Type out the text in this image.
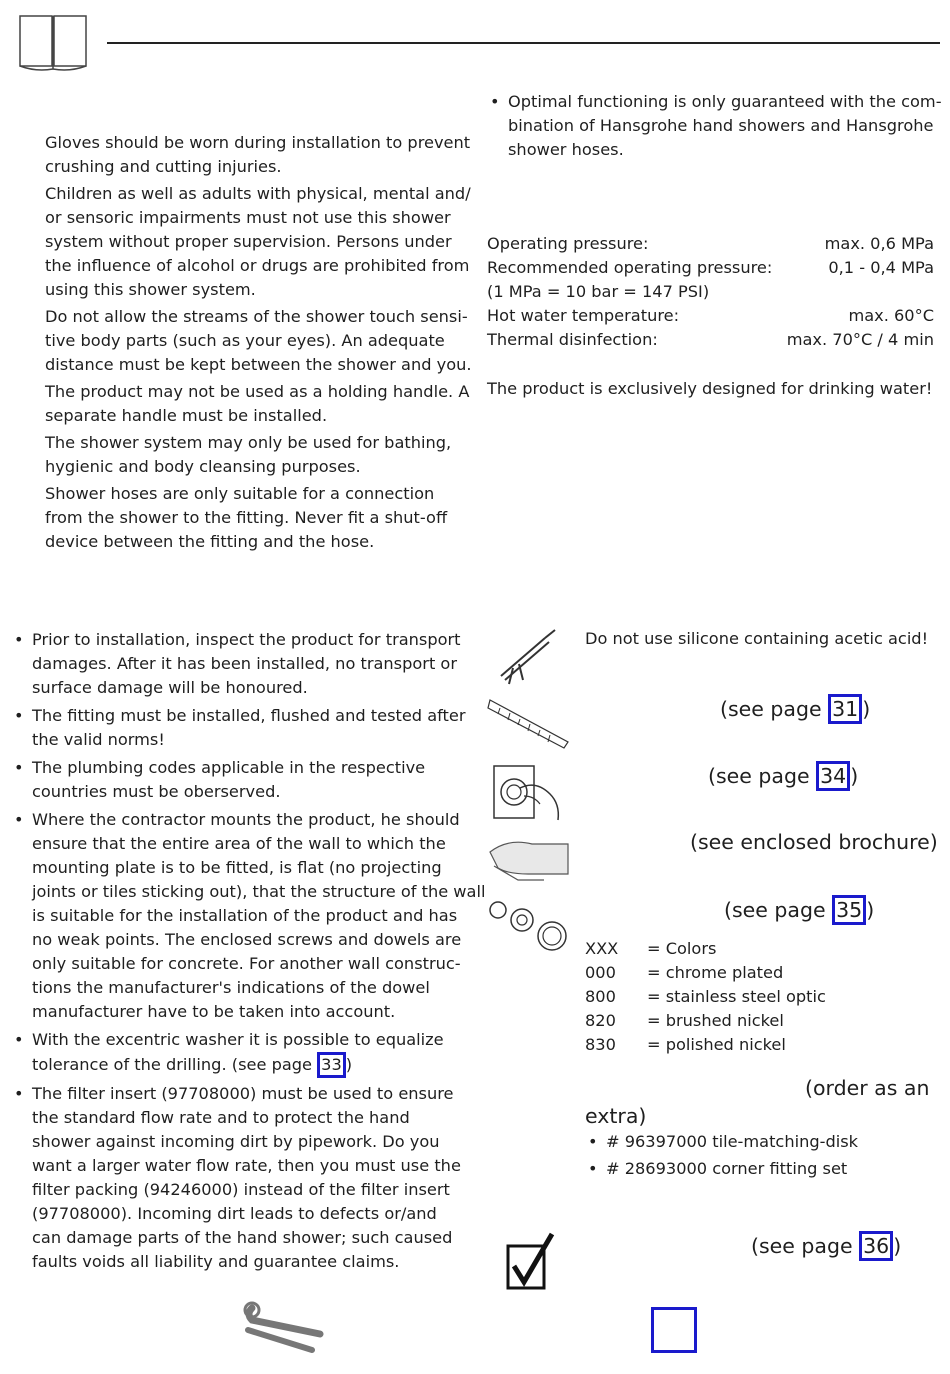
Gloves should be worn during installation to prevent
crushing and cutting injuries.
Children as well as adults with physical, mental and/
or sensoric impairments must not use this shower
system without proper supervision. Persons under
the influence of alcohol or drugs are prohibited from
using this shower system.
Do not allow the streams of the shower touch sensi-
tive body parts (such as your eyes). An adequate
distance must be kept between the shower and you.
The product may not be used as a holding handle. A
separate handle must be installed.
The shower system may only be used for bathing,
hygienic and body cleansing purposes.
Shower hoses are only suitable for a connection
from the shower to the fitting. Never fit a shut-off
device between the fitting and the hose.
• Optimal functioning is only guaranteed with the com-
bination of Hansgrohe hand showers and Hansgrohe
shower hoses.
Operating pressure:	max. 0,6 MPa
Recommended operating pressure:	0,1 - 0,4 MPa
(1 MPa = 10 bar = 147 PSI)
Hot water temperature:	max. 60°C
Thermal disinfection:	max. 70°C / 4 min
The product is exclusively designed for drinking water!
• Prior to installation, inspect the product for transport
damages. After it has been installed, no transport or
surface damage will be honoured.
• The fitting must be installed, flushed and tested after
the valid norms!
• The plumbing codes applicable in the respective
countries must be oberserved.
• Where the contractor mounts the product, he should
ensure that the entire area of the wall to which the
mounting plate is to be fitted, is flat (no projecting
joints or tiles sticking out), that the structure of the wall
is suitable for the installation of the product and has
no weak points. The enclosed screws and dowels are
only suitable for concrete. For another wall construc-
tions the manufacturer's indications of the dowel
manufacturer have to be taken into account.
• With the excentric washer it is possible to equalize
tolerance of the drilling. (see page 33 )
• The filter insert (97708000) must be used to ensure
the standard flow rate and to protect the hand
shower against incoming dirt by pipework. Do you
want a larger water flow rate, then you must use the
filter packing (94246000) instead of the filter insert
(97708000). Incoming dirt leads to defects or/and
can damage parts of the hand shower; such caused
faults voids all liability and guarantee claims.
Do not use silicone containing acetic acid!
(see page 31 )
(see page 34 )
(see enclosed brochure)
(see page 35 )
XXX	= Colors
000	= chrome plated
800	= stainless steel optic
820	= brushed nickel
830	= polished nickel
(order as an
extra)
• # 96397000 tile-matching-disk
• # 28693000 corner fitting set
(see page 36 )
